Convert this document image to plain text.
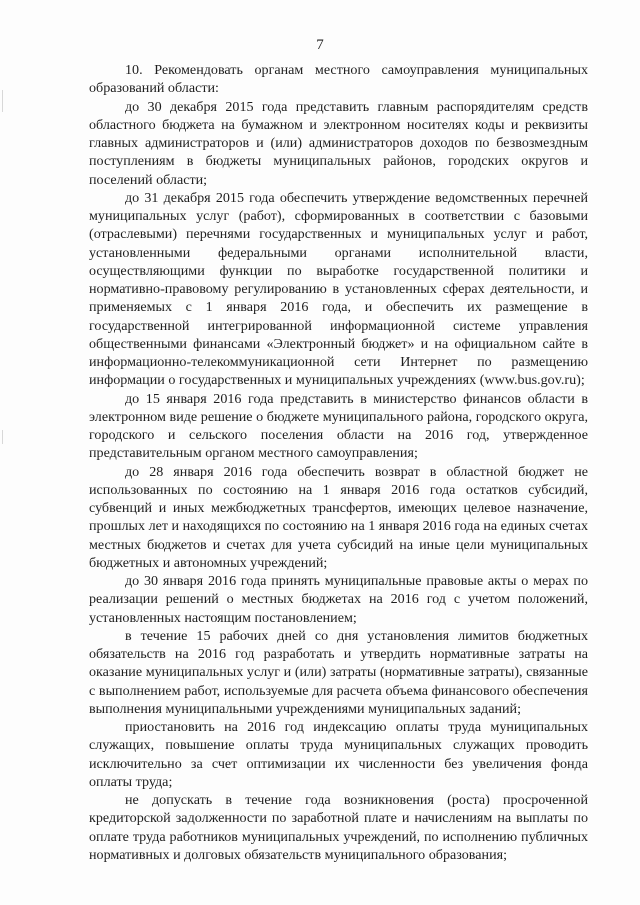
7

10. Рекомендовать органам местного самоуправления муниципальных образований области:

до 30 декабря 2015 года представить главным распорядителям средств областного бюджета на бумажном и электронном носителях коды и реквизиты главных администраторов и (или) администраторов доходов по безвозмездным поступлениям в бюджеты муниципальных районов, городских округов и поселений области;

до 31 декабря 2015 года обеспечить утверждение ведомственных перечней муниципальных услуг (работ), сформированных в соответствии с базовыми (отраслевыми) перечнями государственных и муниципальных услуг и работ, установленными федеральными органами исполнительной власти, осуществляющими функции по выработке государственной политики и нормативно-правовому регулированию в установленных сферах деятельности, и применяемых с 1 января 2016 года, и обеспечить их размещение в государственной интегрированной информационной системе управления общественными финансами «Электронный бюджет» и на официальном сайте в информационно-телекоммуникационной сети Интернет по размещению информации о государственных и муниципальных учреждениях (www.bus.gov.ru);

до 15 января 2016 года представить в министерство финансов области в электронном виде решение о бюджете муниципального района, городского округа, городского и сельского поселения области на 2016 год, утвержденное представительным органом местного самоуправления;

до 28 января 2016 года обеспечить возврат в областной бюджет не использованных по состоянию на 1 января 2016 года остатков субсидий, субвенций и иных межбюджетных трансфертов, имеющих целевое назначение, прошлых лет и находящихся по состоянию на 1 января 2016 года на единых счетах местных бюджетов и счетах для учета субсидий на иные цели муниципальных бюджетных и автономных учреждений;

до 30 января 2016 года принять муниципальные правовые акты о мерах по реализации решений о местных бюджетах на 2016 год с учетом положений, установленных настоящим постановлением;

в течение 15 рабочих дней со дня установления лимитов бюджетных обязательств на 2016 год разработать и утвердить нормативные затраты на оказание муниципальных услуг и (или) затраты (нормативные затраты), связанные с выполнением работ, используемые для расчета объема финансового обеспечения выполнения муниципальными учреждениями муниципальных заданий;

приостановить на 2016 год индексацию оплаты труда муниципальных служащих, повышение оплаты труда муниципальных служащих проводить исключительно за счет оптимизации их численности без увеличения фонда оплаты труда;

не допускать в течение года возникновения (роста) просроченной кредиторской задолженности по заработной плате и начислениям на выплаты по оплате труда работников муниципальных учреждений, по исполнению публичных нормативных и долговых обязательств муниципального образования;
